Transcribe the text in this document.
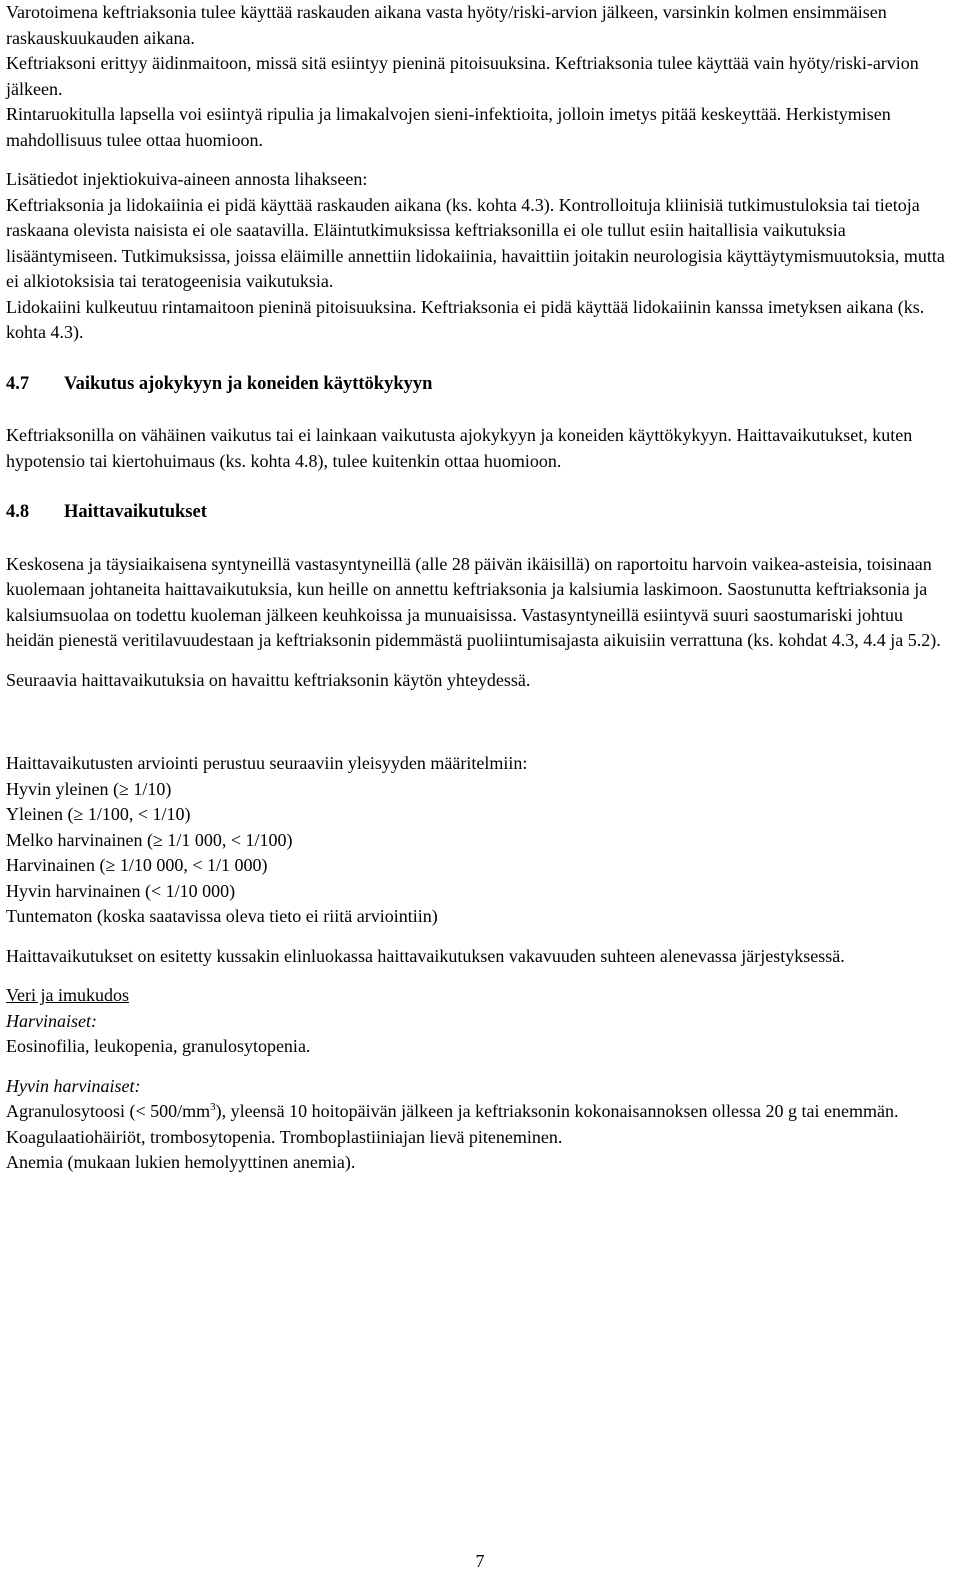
Varotoimena keftriaksonia tulee käyttää raskauden aikana vasta hyöty/riski-arvion jälkeen, varsinkin kolmen ensimmäisen raskauskuukauden aikana.

Keftriaksoni erittyy äidinmaitoon, missä sitä esiintyy pieninä pitoisuuksina. Keftriaksonia tulee käyttää vain hyöty/riski-arvion jälkeen.

Rintaruokitulla lapsella voi esiintyä ripulia ja limakalvojen sieni-infektioita, jolloin imetys pitää keskeyttää. Herkistymisen mahdollisuus tulee ottaa huomioon.

Lisätiedot injektiokuiva-aineen annosta lihakseen:

Keftriaksonia ja lidokaiinia ei pidä käyttää raskauden aikana (ks. kohta 4.3). Kontrolloituja kliinisiä tutkimustuloksia tai tietoja raskaana olevista naisista ei ole saatavilla. Eläintutkimuksissa keftriaksonilla ei ole tullut esiin haitallisia vaikutuksia lisääntymiseen. Tutkimuksissa, joissa eläimille annettiin lidokaiinia, havaittiin joitakin neurologisia käyttäytymismuutoksia, mutta ei alkiotoksisia tai teratogeenisia vaikutuksia.

Lidokaiini kulkeutuu rintamaitoon pieninä pitoisuuksina. Keftriaksonia ei pidä käyttää lidokaiinin kanssa imetyksen aikana (ks. kohta 4.3).

4.7	Vaikutus ajokykyyn ja koneiden käyttökykyyn

Keftriaksonilla on vähäinen vaikutus tai ei lainkaan vaikutusta ajokykyyn ja koneiden käyttökykyyn. Haittavaikutukset, kuten hypotensio tai kiertohuimaus (ks. kohta 4.8), tulee kuitenkin ottaa huomioon.

4.8	Haittavaikutukset

Keskosena ja täysiaikaisena syntyneillä vastasyntyneillä (alle 28 päivän ikäisillä) on raportoitu harvoin vaikea-asteisia, toisinaan kuolemaan johtaneita haittavaikutuksia, kun heille on annettu keftriaksonia ja kalsiumia laskimoon. Saostunutta keftriaksonia ja kalsiumsuolaa on todettu kuoleman jälkeen keuhkoissa ja munuaisissa. Vastasyntyneillä esiintyvä suuri saostumariski johtuu heidän pienestä veritilavuudestaan ja keftriaksonin pidemmästä puoliintumisajasta aikuisiin verrattuna (ks. kohdat 4.3, 4.4 ja 5.2).

Seuraavia haittavaikutuksia on havaittu keftriaksonin käytön yhteydessä.

Haittavaikutusten arviointi perustuu seuraaviin yleisyyden määritelmiin:

Hyvin yleinen (≥ 1/10)

Yleinen (≥ 1/100, < 1/10)

Melko harvinainen (≥ 1/1 000, < 1/100)

Harvinainen (≥ 1/10 000, < 1/1 000)

Hyvin harvinainen (< 1/10 000)

Tuntematon (koska saatavissa oleva tieto ei riitä arviointiin)

Haittavaikutukset on esitetty kussakin elinluokassa haittavaikutuksen vakavuuden suhteen alenevassa järjestyksessä.

Veri ja imukudos

Harvinaiset:

Eosinofilia, leukopenia, granulosytopenia.

Hyvin harvinaiset:

Agranulosytoosi (< $500/mm^3$), yleensä 10 hoitopäivän jälkeen ja keftriaksonin kokonaisannoksen ollessa 20 g tai enemmän.

Koagulaatiohäiriöt, trombosytopenia. Tromboplastiiniajan lievä piteneminen.

Anemia (mukaan lukien hemolyyttinen anemia).

7
